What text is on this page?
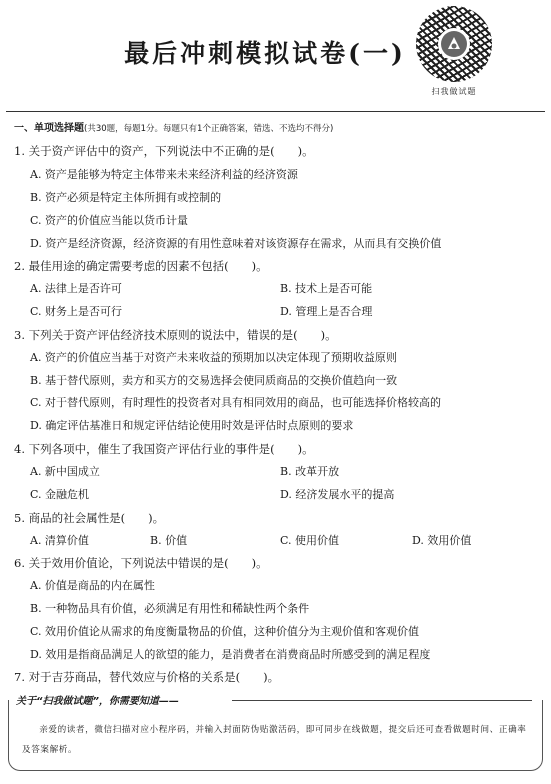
最后冲刺模拟试卷(一)
扫我做试题
一、单项选择题(共30题，每题1分。每题只有1个正确答案，错选、不选均不得分)
1. 关于资产评估中的资产，下列说法中不正确的是(　　)。
A. 资产是能够为特定主体带来未来经济利益的经济资源
B. 资产必须是特定主体所拥有或控制的
C. 资产的价值应当能以货币计量
D. 资产是经济资源，经济资源的有用性意味着对该资源存在需求，从而具有交换价值
2. 最佳用途的确定需要考虑的因素不包括(　　)。
A. 法律上是否许可	B. 技术上是否可能
C. 财务上是否可行	D. 管理上是否合理
3. 下列关于资产评估经济技术原则的说法中，错误的是(　　)。
A. 资产的价值应当基于对资产未来收益的预期加以决定体现了预期收益原则
B. 基于替代原则，卖方和买方的交易选择会使同质商品的交换价值趋向一致
C. 对于替代原则，有时理性的投资者对具有相同效用的商品，也可能选择价格较高的
D. 确定评估基准日和规定评估结论使用时效是评估时点原则的要求
4. 下列各项中，催生了我国资产评估行业的事件是(　　)。
A. 新中国成立	B. 改革开放
C. 金融危机	D. 经济发展水平的提高
5. 商品的社会属性是(　　)。
A. 清算价值	B. 价值	C. 使用价值	D. 效用价值
6. 关于效用价值论，下列说法中错误的是(　　)。
A. 价值是商品的内在属性
B. 一种物品具有价值，必须满足有用性和稀缺性两个条件
C. 效用价值论从需求的角度衡量物品的价值，这种价值分为主观价值和客观价值
D. 效用是指商品满足人的欲望的能力，是消费者在消费商品时所感受到的满足程度
7. 对于吉芬商品，替代效应与价格的关系是(　　)。
关于“扫我做试题”，你需要知道——
亲爱的读者，微信扫描对应小程序码，并输入封面防伪贴激活码，即可同步在线做题，提交后还可查看做题时间、正确率及答案解析。
